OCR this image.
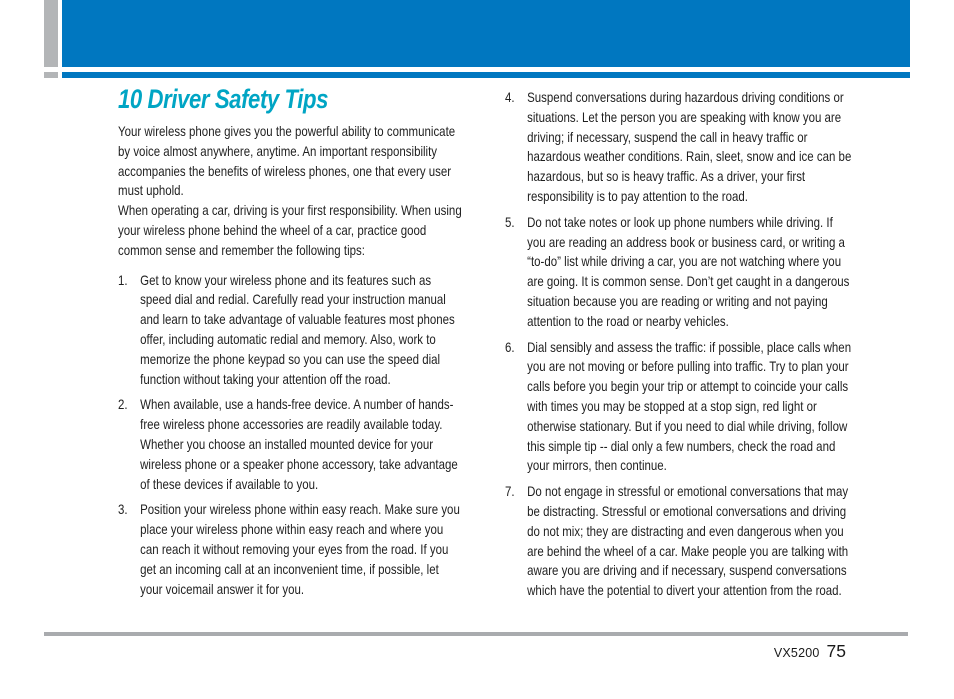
10 Driver Safety Tips

Your wireless phone gives you the powerful ability to communicate by voice almost anywhere, anytime. An important responsibility accompanies the benefits of wireless phones, one that every user must uphold.

When operating a car, driving is your first responsibility. When using your wireless phone behind the wheel of a car, practice good common sense and remember the following tips:

1. Get to know your wireless phone and its features such as speed dial and redial. Carefully read your instruction manual and learn to take advantage of valuable features most phones offer, including automatic redial and memory. Also, work to memorize the phone keypad so you can use the speed dial function without taking your attention off the road.
2. When available, use a hands-free device. A number of hands-free wireless phone accessories are readily available today. Whether you choose an installed mounted device for your wireless phone or a speaker phone accessory, take advantage of these devices if available to you.
3. Position your wireless phone within easy reach. Make sure you place your wireless phone within easy reach and where you can reach it without removing your eyes from the road. If you get an incoming call at an inconvenient time, if possible, let your voicemail answer it for you.
4. Suspend conversations during hazardous driving conditions or situations. Let the person you are speaking with know you are driving; if necessary, suspend the call in heavy traffic or hazardous weather conditions. Rain, sleet, snow and ice can be hazardous, but so is heavy traffic. As a driver, your first responsibility is to pay attention to the road.
5. Do not take notes or look up phone numbers while driving. If you are reading an address book or business card, or writing a “to-do” list while driving a car, you are not watching where you are going. It is common sense. Don’t get caught in a dangerous situation because you are reading or writing and not paying attention to the road or nearby vehicles.
6. Dial sensibly and assess the traffic: if possible, place calls when you are not moving or before pulling into traffic. Try to plan your calls before you begin your trip or attempt to coincide your calls with times you may be stopped at a stop sign, red light or otherwise stationary. But if you need to dial while driving, follow this simple tip -- dial only a few numbers, check the road and your mirrors, then continue.
7. Do not engage in stressful or emotional conversations that may be distracting. Stressful or emotional conversations and driving do not mix; they are distracting and even dangerous when you are behind the wheel of a car. Make people you are talking with aware you are driving and if necessary, suspend conversations which have the potential to divert your attention from the road.
VX5200 75
